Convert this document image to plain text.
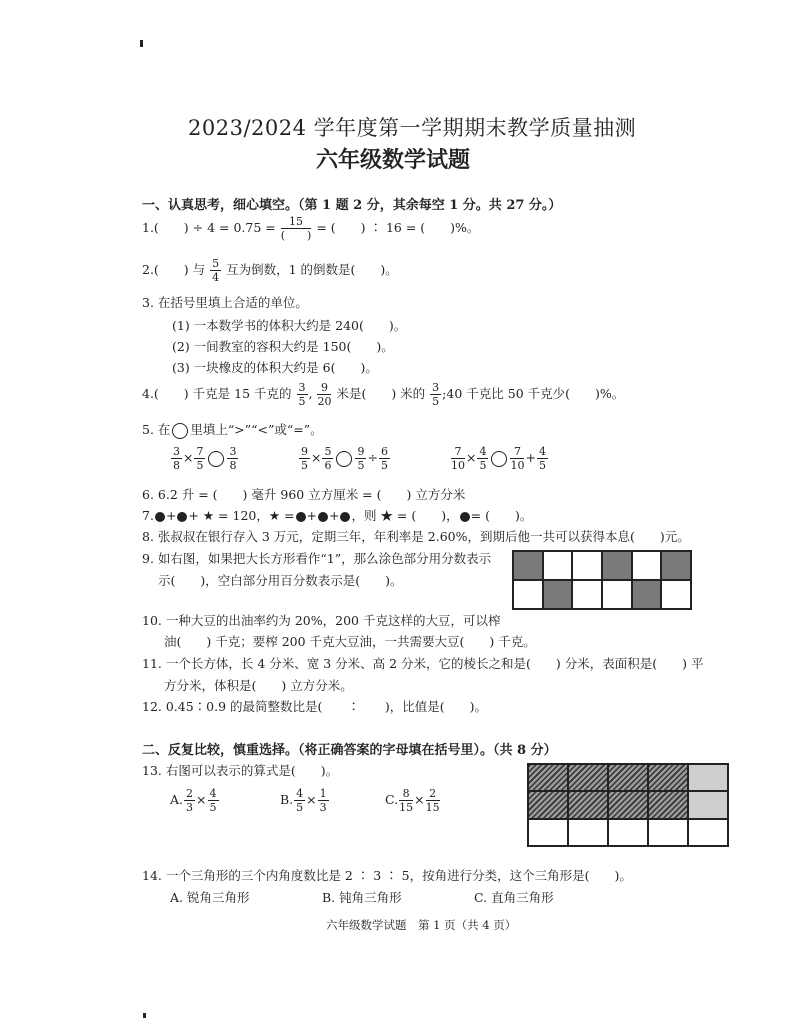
2023/2024 学年度第一学期期末教学质量抽测
六年级数学试题
一、认真思考，细心填空。（第 1 题 2 分，其余每空 1 分。共 27 分。）
1.(　　) ÷ $4 = 0.75 = \frac{15}{( )}$ = (　　) ∶ 16 = (　　)%。
2.(　　) 与 $\frac{5}{4}$ 互为倒数，1 的倒数是(　　)。
3. 在括号里填上合适的单位。
(1) 一本数学书的体积大约是 240(　　)。
(2) 一间教室的容积大约是 150(　　)。
(3) 一块橡皮的体积大约是 6(　　)。
4.(　　) 千克是 15 千克的 $\frac{3}{5}$ , $\frac{9}{20}$ 米是(　　) 米的 $\frac{3}{5}$ ;40 千克比 50 千克少(　　)%。
5. 在 里填上“>”“<”或“=”。
$\frac{3}{8} \times \frac{7}{5} \frac{3}{8}$	$\frac{9}{5} \times \frac{5}{6} \frac{9}{5} \div \frac{6}{5}$	$\frac{7}{10} \times \frac{4}{5} \frac{7}{10} + \frac{4}{5}$
6. 6.2 升 = (　　) 毫升 960 立方厘米 = (　　) 立方分米
7. + + ★ = 120，★ = + + ，则 ★ = (　　)， = (　　)。
8. 张叔叔在银行存入 3 万元，定期三年，年利率是 2.60%，到期后他一共可以获得本息(　　)元。
9. 如右图，如果把大长方形看作“1”，那么涂色部分用分数表示
示(　　)，空白部分用百分数表示是(　　)。
10. 一种大豆的出油率约为 20%，200 千克这样的大豆，可以榨
油(　　) 千克；要榨 200 千克大豆油，一共需要大豆(　　) 千克。
11. 一个长方体，长 4 分米、宽 3 分米、高 2 分米，它的棱长之和是(　　) 分米，表面积是(　　) 平
方分米，体积是(　　) 立方分米。
12. 0.45∶0.9 的最简整数比是(　　∶　　)，比值是(　　)。
二、反复比较，慎重选择。（将正确答案的字母填在括号里）。（共 8 分）
13. 右图可以表示的算式是(　　)。
A. $\frac{2}{3} \times \frac{4}{5}$	B. $\frac{4}{5} \times \frac{1}{3}$	C. $\frac{8}{15} \times \frac{2}{15}$
14. 一个三角形的三个内角度数比是 2 ∶ 3 ∶ 5，按角进行分类，这个三角形是(　　)。
A. 锐角三角形	B. 钝角三角形	C. 直角三角形
六年级数学试题　第 1 页（共 4 页）
